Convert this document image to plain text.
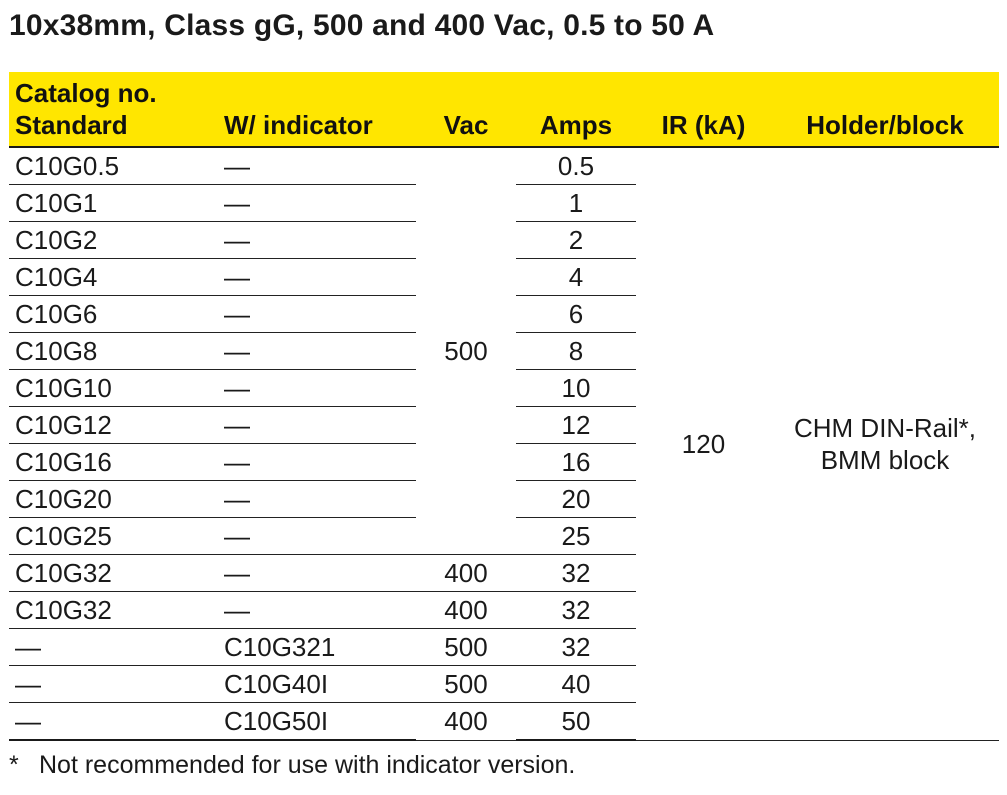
10x38mm, Class gG, 500 and 400 Vac, 0.5 to 50 A
Catalog no.					
Standard	W/ indicator	Vac	Amps	IR (kA)	Holder/block
C10G0.5	—	500	0.5	120	CHM DIN-Rail*, BMM block
C10G1	—		1		
C10G2	—		2		
C10G4	—		4		
C10G6	—		6		
C10G8	—		8		
C10G10	—		10		
C10G12	—		12		
C10G16	—		16		
C10G20	—		20		
C10G25	—		25		
C10G32	—	400	32		
C10G32	—	400	32		
—	C10G321	500	32		
—	C10G40I	500	40		
—	C10G50I	400	50		
* Not recommended for use with indicator version.
